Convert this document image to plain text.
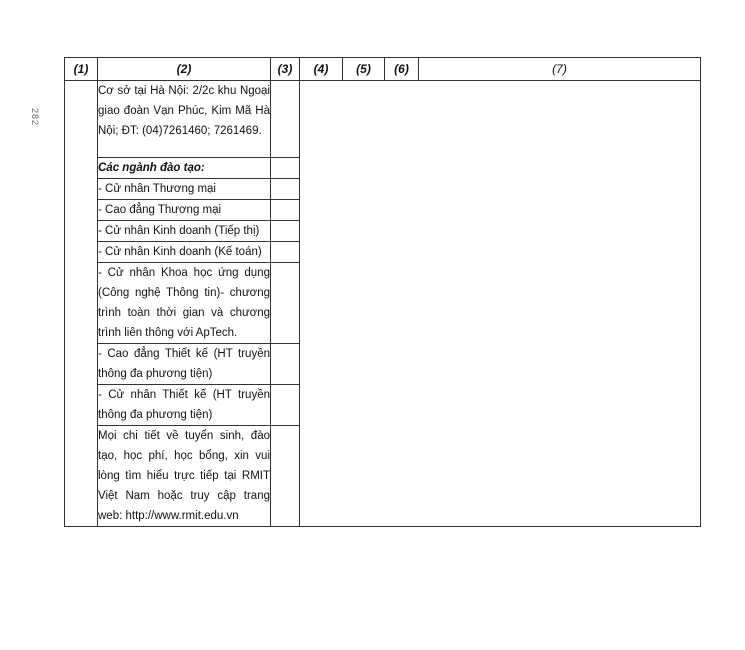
282
(1)	(2)	(3)	(4)	(5)	(6)	(7)
	Cơ sở tại Hà Nội: 2/2c khu Ngoại giao đoàn Vạn Phúc, Kim Mã Hà Nội; ĐT: (04)7261460; 7261469.					
	Các ngành đào tạo:					
	- Cử nhân Thương mại					
	- Cao đẳng Thương mại					
	- Cử nhân Kinh doanh (Tiếp thị)					
	- Cử nhân Kinh doanh (Kế toán)					
	- Cử nhân Khoa học ứng dụng (Công nghệ Thông tin)- chương trình toàn thời gian và chương trình liên thông với ApTech.					
	- Cao đẳng Thiết kế (HT truyền thông đa phương tiện)					
	- Cử nhân Thiết kế (HT truyền thông đa phương tiện)					
	Mọi chi tiết về tuyển sinh, đào tạo, học phí, học bổng, xin vui lòng tìm hiểu trực tiếp tại RMIT Việt Nam hoặc truy cập trang web: http://www.rmit.edu.vn					
